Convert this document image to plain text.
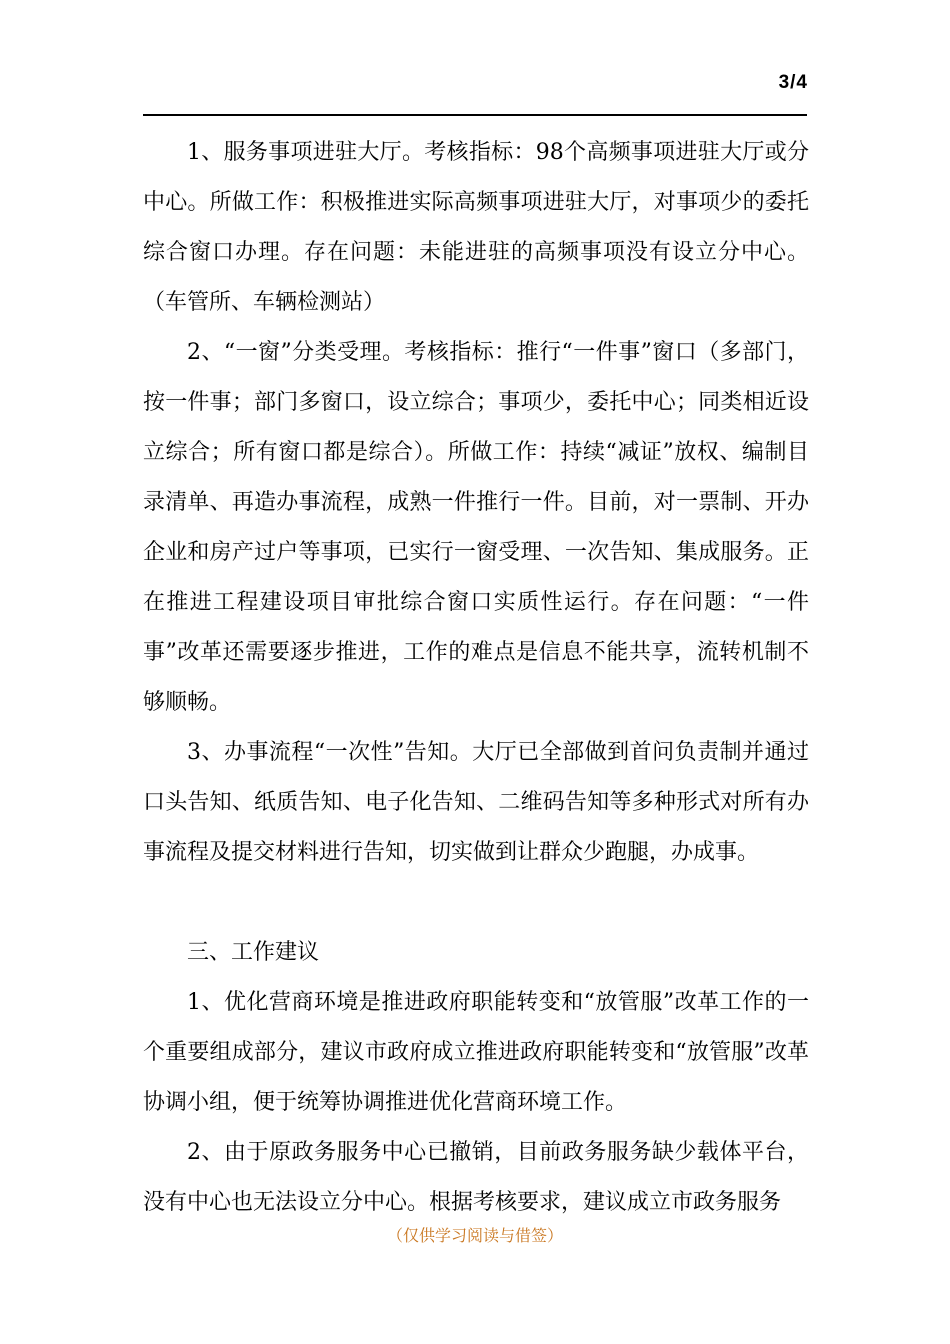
3/4

1、服务事项进驻大厅。考核指标：98个高频事项进驻大厅或分中心。所做工作：积极推进实际高频事项进驻大厅，对事项少的委托综合窗口办理。存在问题：未能进驻的高频事项没有设立分中心。（车管所、车辆检测站）

2、“一窗”分类受理。考核指标：推行“一件事”窗口（多部门，按一件事；部门多窗口，设立综合；事项少，委托中心；同类相近设立综合；所有窗口都是综合）。所做工作：持续“减证”放权、编制目录清单、再造办事流程，成熟一件推行一件。目前，对一票制、开办企业和房产过户等事项，已实行一窗受理、一次告知、集成服务。正在推进工程建设项目审批综合窗口实质性运行。存在问题：“一件事”改革还需要逐步推进，工作的难点是信息不能共享，流转机制不够顺畅。

3、办事流程“一次性”告知。大厅已全部做到首问负责制并通过口头告知、纸质告知、电子化告知、二维码告知等多种形式对所有办事流程及提交材料进行告知，切实做到让群众少跑腿，办成事。

三、工作建议

1、优化营商环境是推进政府职能转变和“放管服”改革工作的一个重要组成部分，建议市政府成立推进政府职能转变和“放管服”改革协调小组，便于统筹协调推进优化营商环境工作。

2、由于原政务服务中心已撤销，目前政务服务缺少载体平台，没有中心也无法设立分中心。根据考核要求，建议成立市政务服务

（仅供学习阅读与借签）
